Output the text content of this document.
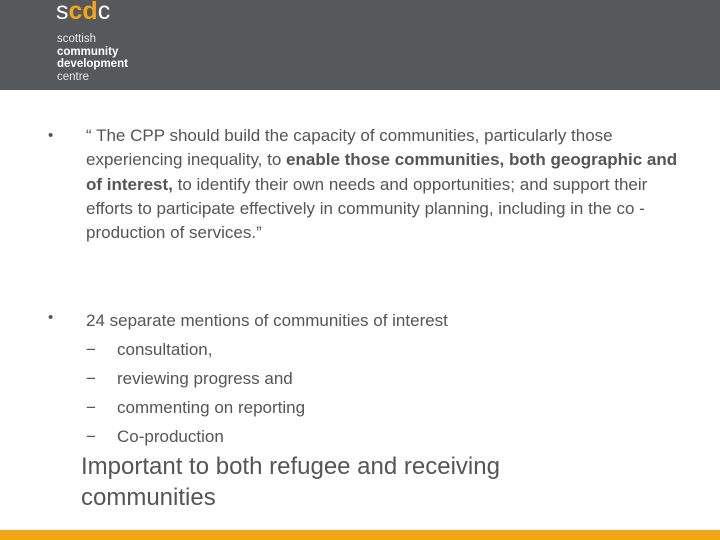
scdc
scottish
community
development
centre
• “ The CPP should build the capacity of communities, particularly those experiencing inequality, to enable those communities, both geographic and of interest, to identify their own needs and opportunities; and support their efforts to participate effectively in community planning, including in the co -production of services.”
• 24 separate mentions of communities of interest
−	consultation,
−	reviewing progress and
−	commenting on reporting
−	Co-production
Important to both refugee and receiving communities
